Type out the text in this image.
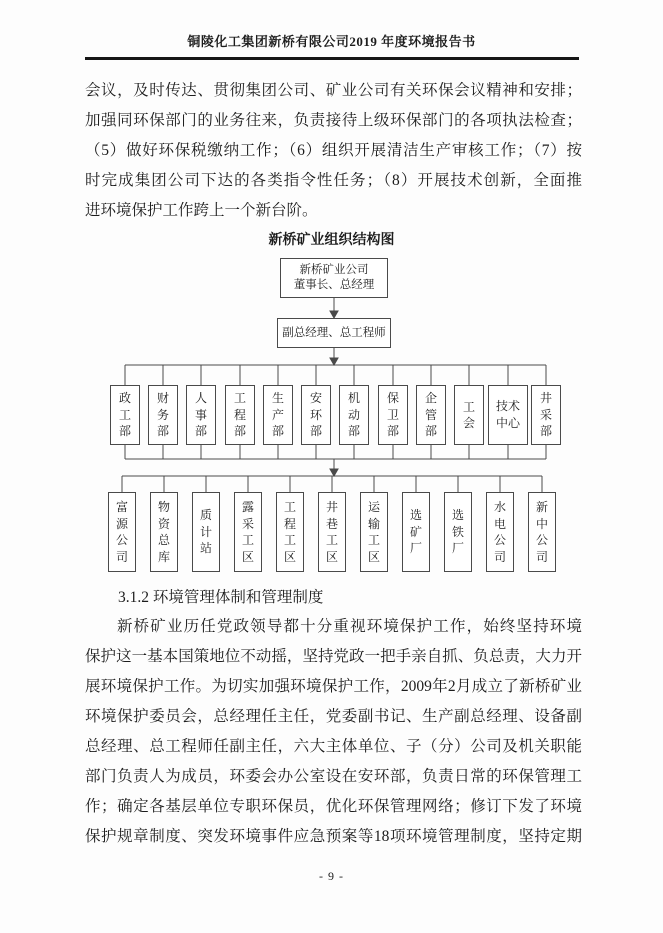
铜陵化工集团新桥有限公司2019 年度环境报告书
会议，及时传达、贯彻集团公司、矿业公司有关环保会议精神和安排；
加强同环保部门的业务往来，负责接待上级环保部门的各项执法检查；
（5）做好环保税缴纳工作；（6）组织开展清洁生产审核工作；（7）按
时完成集团公司下达的各类指令性任务；（8）开展技术创新，全面推
进环境保护工作跨上一个新台阶。
新桥矿业组织结构图
新桥矿业公司
董事长、总经理
副总经理、总工程师
政工部
财务部
人事部
工程部
生产部
安环部
机动部
保卫部
企管部
工会
技术中心
井采部
富源公司
物资总库
质计站
露采工区
工程工区
井巷工区
运输工区
选矿厂
选铁厂
水电公司
新中公司
3.1.2 环境管理体制和管理制度
新桥矿业历任党政领导都十分重视环境保护工作，始终坚持环境
保护这一基本国策地位不动摇，坚持党政一把手亲自抓、负总责，大力开
展环境保护工作。为切实加强环境保护工作，2009年2月成立了新桥矿业
环境保护委员会，总经理任主任，党委副书记、生产副总经理、设备副
总经理、总工程师任副主任，六大主体单位、子（分）公司及机关职能
部门负责人为成员，环委会办公室设在安环部，负责日常的环保管理工
作；确定各基层单位专职环保员，优化环保管理网络；修订下发了环境
保护规章制度、突发环境事件应急预案等18项环境管理制度，坚持定期
- 9 -
